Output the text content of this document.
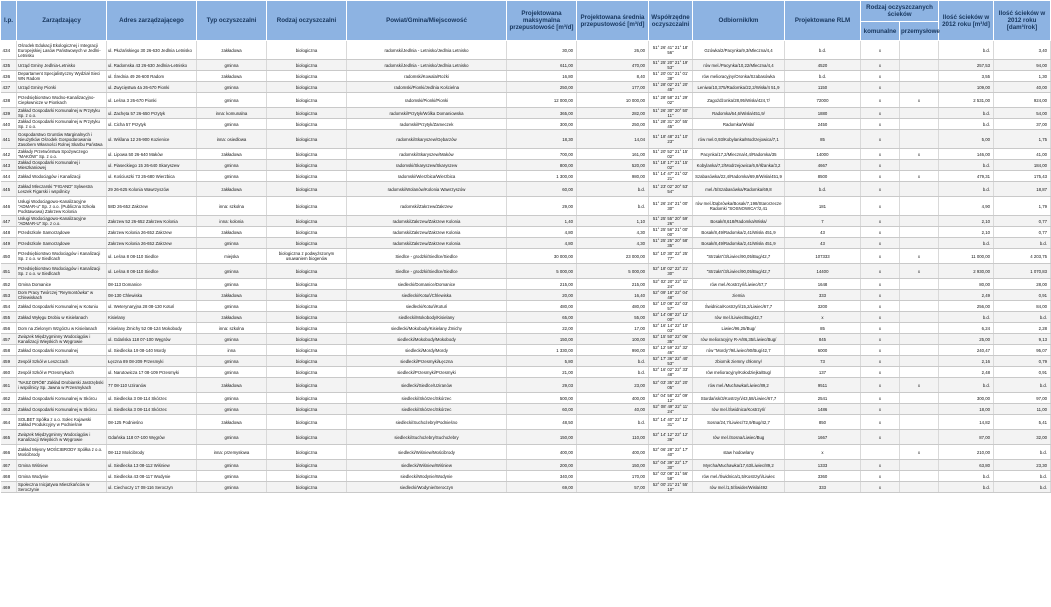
l.p.	Zarządzający	Adres zarządzającego	Typ oczyszczalni	Rodzaj oczyszczalni	Powiat/Gmina/Miejscowość	Projektowana maksymalna przepustowość [m³/d]	Projektowana średnia przepustowość [m³/d]	Współrzędne oczyszczalni	Odbiornik/km	Projektowane RLM	Rodzaj oczyszczanych ścieków		Ilość ścieków w 2012 roku [m³/d]	Ilość ścieków w 2012 roku [dam³/rok]
											komunalne	przemysłowe		
434	Ośrodek Edukacji Ekologicznej i Integracji Europejskiej Lasów Państwowych w Jedlni-Letnisku	ul. Płużańskiego 30 26-630 Jedlnia Letnisko	zakładowa	biologiczna	radomski/Jedlnia - Letnisko/Jedlnia Letnisko	30,00	26,00	51° 26' 41" 21° 18' 56"	Gzówka/2/Pacynka/9,3/Mleczna/4,4	b.d.	x		b.d.	3,40
435	Urząd Gminy Jedlnia-Letnisko	ul. Radomska 43 26-630 Jedlnia-Letnisko	gminna	biologiczna	radomski/Jedlnia - Letnisko/Jedlnia Letnisko	611,00	470,00	51° 25' 20" 21° 19' 53"	rów mel./Pacynka/10,22/Mleczna/4,4	4520	x		257,53	94,00
436	Departament Specjalistyczny Wydział Sieci WN Radom	ul. Średnia 49 26-600 Radom	zakładowa	biologiczna	radomski/Kowala/Rożki	16,80	8,40	51° 20' 01" 21° 01' 38"	rów melioracyjny/Oronka/Szabasówka	b.d.	x		3,55	1,30
437	Urząd Gminy Pionki	ul. Zwycięstwa 4a 26-670 Pionki	gminna	biologiczna	radomski/Pionki/Jedlnia Kościelna	250,00	177,00	51° 28' 02" 21° 20' 45"	Leniwa/10,375/Radomka/22,2/Wisła/4 51,9	1150	x		109,00	40,00
438	Przedsiębiorstwo Wodno-Kanalizacyjno-Ciepłownicze w Pionkach	ul. Leśna 3 26-670 Pionki	gminna	biologiczna	radomski/Pionki/Pionki	12 000,00	10 000,00	51° 28' 58" 21° 29' 02"	Zagożdżonka/28,95/Wisła/424,7/	72000	x	x	2 531,00	924,00
439	Zakład Gospodarki Komunalnej w Przytyku Sp. z o.o.	ul. Zachęta 57 26-650 Przytyk	inna: komunalna	biologiczna	radomski/Przytyk/Wólka Domaniowska	365,00	282,00	51° 26' 30" 20° 50' 11"	Radomka/64,6/Wisła/451,9/	1880	x		b.d.	54,00
440	Zakład Gospodarki Komunalnej w Przytyku Sp. z o.o.	ul. Cicha 57 Przytyk	gminna	biologiczna	radomski/Przytyk/Zameczek	300,00	250,00	51° 28' 31" 20° 55' 45"	Radomka/Wisła/	2450	x		b.d.	37,00
441	Gospodarstwo Gruntów Marginalnych i Nieużytków Ośrodek Gospodarowania Zasobem Własności Rolnej Skarbu Państwa	ul. Wiślana 12 26-900 Kozienice	inna: osiedlowa	biologiczna	radomski/Skaryszew/Gębarzów	18,30	14,04	51° 18' 48" 21° 10' 23"	rów mel.0,93/Kobylanka/Modrzejowica/7,1	85	x		5,00	1,75
442	Zakłady Przetwórstwa Spożywczego "MAKÓW" Sp. z o.o.	ul. Lipowa 50 26-640 Maków	zakładowa	biologiczna	radomski/Skaryszew/Maków	700,00	161,00	51° 20' 52" 21° 15' 02"	Pacynka/17,2/Mleczna/4,4/Radomka/35	14000	x	x	146,00	41,00
443	Zakład Gospodarki Komunalnej i Mieszkaniowej	ul. Piaseckiego 15 26-640 Skaryszew	gminna	biologiczna	radomski/Skaryszew/Skaryszew	800,00	520,00	51° 18' 17" 21° 15' 02"	Kobylanka/7,2/Modrzejowica/6,9/Iłżanka/3,2	4667	x		b.d.	184,00
444	Zakład Wodociągów i Kanalizacji	ul. Kościuszki 73 26-680 Wierzbica	gminna	biologiczna	radomski/Wierzbica/Wierzbica	1 300,00	980,00	51° 14' 47" 21° 02' 21"	Szabasówka/22,4/Radomka/69,8/Wisła/451,9	8500	x	x	479,31	175,43
445	Zakład Mleczarski "FIGAND" Sylwestra Leszek Figarski i wspólnicy	29 26-625 Kolonia Wawrzyszów	zakładowa	biologiczna	radomski/Wolanów/Kolonia Wawrzyszów	60,00	b.d.	51° 23' 02" 20° 53' 54"	mel./5/Szabasówka/Radomka/69,8	b.d.	x		b.d.	18,87
446	Usługi Wodociągowo-Kanalizacyjne "ADMAR-u" Sp. z o.o. (Publiczna Szkoła Podstawowa) Zakrzew Kolonia	58D 26-652 Zakrzew	inna: szkolna	biologiczna	radomski/Zakrzew/Zakrzew	29,00	b.d.	51° 26' 24" 21° 00' 30"	rów mel./Dąbrówka/Bosak/7,198/Starorzecze Radomki "SOSNOWICA"/2,41	181	x		4,90	1,79
447	Usługi Wodociągowo-Kanalizacyjne "ADMAR-U" Sp. z o.o.	Zakrzew 52 26-652 Zakrzew Kolonia	inna: kolonia	biologiczna	radomski/Zakrzew/Zakrzew Kolonia	1,40	1,10	51° 25' 55" 20° 59' 26"	Bosak/8,618/Radomka/Wisła/	7	x		2,10	0,77
448	Przedszkole Samorządowe	Zakrzew Kolonia 26-652 Zakrzew	zakładowa	biologiczna	radomski/Zakrzew/Zakrzew Kolonia	4,80	4,30	51° 25' 56" 21° 00' 00"	Bosak/8,49/Radomka/2,41/Wisła 451,9	43	x		2,10	0,77
449	Przedszkole Samorządowe	Zakrzew Kolonia 26-652 Zakrzew	gminna	biologiczna	radomski/Zakrzew/Zakrzew Kolonia	4,80	4,30	51° 25' 25" 20° 58' 35"	Bosak/8,49/Radomka/2,41/Wisła 451,9	43	x		b.d.	b.d.
450	Przedsiębiorstwo Wodociągów i Kanalizacji Sp. z o.o. w Siedlcach	ul. Leśna 8 08-110 Siedlce	miejska	biologiczna z podwyższonym usuwaniem biogenów	Siedlce - grodzki/Siedlce/Siedlce	30 000,00	23 000,00	52° 10' 30" 22° 25' 77"	"Strzała"/3/Liwiec/90,05/Bug/42,7	107333	x	x	11 000,00	4 203,75
451	Przedsiębiorstwo Wodociągów i Kanalizacji Sp. z o.o. w Siedlcach	ul. Leśna 8 08-110 Siedlce	gminna	biologiczna	Siedlce - grodzki/Siedlce/Siedlce	5 000,00	5 000,00	52° 18' 02" 22° 21' 30"	"Strzała"/3/Liwiec/90,05/Bug/42,7	14400	x	x	2 930,00	1 070,83
452	Gmina Domanice	08-113 Domanice	gminna	biologiczna	siedlecki/Domanice/Domanice	215,00	215,00	52° 02' 20" 22° 11' 24"	rów mel./Kostrzyń/Liwiec/67,7	1648	x		80,00	28,00
453	Dom Pracy Twórczej "Reymontówka" w Chlewiskach	08-130 Chlewiska	zakładowa	biologiczna	siedlecki/Kotuń/Chlewiska	20,00	16,40	52° 09' 18" 22° 04' 48"	ziemia	333	x		2,49	0,91
454	Zakład Gospodarki Komunalnej w Kotuniu	ul. Weterynaryjna 28 08-130 Kotuń	gminna	biologiczna	siedlecki/Kotuń/Kotuń	480,00	480,00	52° 10' 08" 22° 03' 57"	Świdnica/Kostrzyń/15,2/Liwiec/67,7	3200	x		256,00	84,00
455	Zakład Wyłęgu Drobiu w Kisielanach	Kisielany	zakładowa	biologiczna	siedlecki/Mokobody/Kisielany	65,00	55,00	52° 14' 08" 22° 12' 00"	rów mel./Liwiec/Bug/42,7	x	x		b.d.	b.d.
456	Dom na Zielonym Wzgórzu w Kisielanach	Kisielany Żmichy 52 08-124 Mokobody	inna: szkolna	biologiczna	siedlecki/Mokobody/Kisielany Żmichy	22,00	17,00	52° 16' 14" 22° 10' 03"	Liwiec/96,25/Bug/	85	x		6,24	2,28
457	Związek Międzygminny Wodociągów i Kanalizacji Wiejskich w Węgrowie	ul. Gdańska 118 07-100 Węgrów	gminna	biologiczna	siedlecki/Mokobody/Mokobody	150,00	100,00	52° 15' 50" 22° 06' 35"	rów melioracyjny R-A/86,35/Liwiec/Bug/	845	x		25,00	9,13
458	Zakład Gospodarki Komunalnej	ul. Siedlecka 19 08-140 Mordy	inna	biologiczna	siedlecki/Mordy/Mordy	1 330,00	990,00	52° 12' 59" 22° 32' 46"	rów "Mordy"/9/Liwiec/90/Bug/42,7	6000	x		240,47	95,07
459	Zespół Szkół w Leszczach	Łęczna 89 08-209 Przesmyki	gminna	biologiczna	siedlecki/Przesmyki/Łęczna	5,80	b.d.	52° 17' 36" 22° 40' 53"	zbiornik ziemny chłonny/	73	x		2,16	0,79
460	Zespół Szkół w Przesmykach	ul. Narutowicza 17 08-109 Przesmyki	gminna	biologiczna	siedlecki/Przesmyki/Przesmyki	21,00	b.d.	52° 16' 02" 22° 33' 48"	rów melioracyjny/Kołodziejka/Bug/	137	x		2,48	0,91
461	"NASZ DRÓB" Zakład Drobiarski Jastrzębski i wspólnicy Sp. Jawna w Przesmykach	77 08-110 Uziranów	zakładowa	biologiczna	siedlecki/Siedlce/Uziranów	29,03	23,00	52° 03' 35" 22° 20' 05"	rów mel./Muchawka/Liwiec/89,2	9511	x	x	b.d.	b.d.
462	Zakład Gospodarki Komunalnej w Skórcu	ul. Siedlecka 3 08-114 Skórzec	gminna	biologiczna	siedlecki/Skórzec/Skórzec	500,00	400,00	52° 04' 58" 22° 09' 12"	Stordańsk/3/Kostrzyń/43,58/Liwiec/67,7	2541	x		300,00	97,00
463	Zakład Gospodarki Komunalnej w Skórcu	ul. Siedlecka 3 08-114 Skórzec	gminna	biologiczna	siedlecki/Skórzec/Skórzec	60,00	40,00	52° 08' 49" 22° 11' 24"	rów mel./Świdnica/Kostrzyń/	1486	x		18,00	11,00
464	SOLBET Spółka z o.o. Sołec Kujawski Zakład Produkcyjny w Podnieśnie	08-125 Podnieśno	zakładowa	biologiczna	siedlecki/Suchożebry/Podnieśno	48,50	b.d.	52° 14' 40" 22° 12' 31"	Sosna/24,7/Liwiec/72,9/Bug/42,7	850	x		14,82	5,41
465	Związek Międzygminny Wodociągów i Kanalizacji Wiejskich w Węgrowie	Gdańska 118 07-100 Węgrów	gminna	biologiczna	siedlecki/Suchożebry/Suchożebry	150,00	110,00	52° 14' 12" 22° 12' 36"	rów mel./Sosna/Liwiec/Bug	1667	x		87,00	32,00
466	Zakład Mięsny MOŚCIBRODY Spółka z o.o. Mościbrody	08-112 Mościbrody	inna: przemysłowa	biologiczna	siedlecki/Wiśniew/Mościbrody	400,00	400,00	52° 06' 28" 22° 17' 40"	staw hodowlany	x		x	210,00	b.d.
467	Gmina Wiśniew	ul. Siedlecka 13 08-112 Wiśniew	gminna	biologiczna	siedlecki/Wiśniew/Wiśniew	200,00	150,00	52° 04' 39" 22° 17' 30"	Myrcha/Muchawka/17,63/Liwiec/89,2	1333	x		63,80	23,30
468	Gmina Wodynie	ul. Siedlecka 43 08-117 Wodynie	gminna	biologiczna	siedlecki/Wodynie/Wodynie	340,00	170,00	52° 02' 08" 21° 56' 58"	rów mel./Świdnica/1,5/Kostrzyń/Liwiec	3360	x		b.d.	b.d.
469	Społeczna Inicjatywa Mieszkańców w Seroczynie	ul. Ciechoczy 17 08-116 Seroczyn	gminna	biologiczna	siedlecki/Wodynie/Seroczyn	69,00	57,00	52° 00' 21" 21° 55' 10"	rów mel./1,5/Świder/Wisła/492	333	x		b.d.	b.d.
